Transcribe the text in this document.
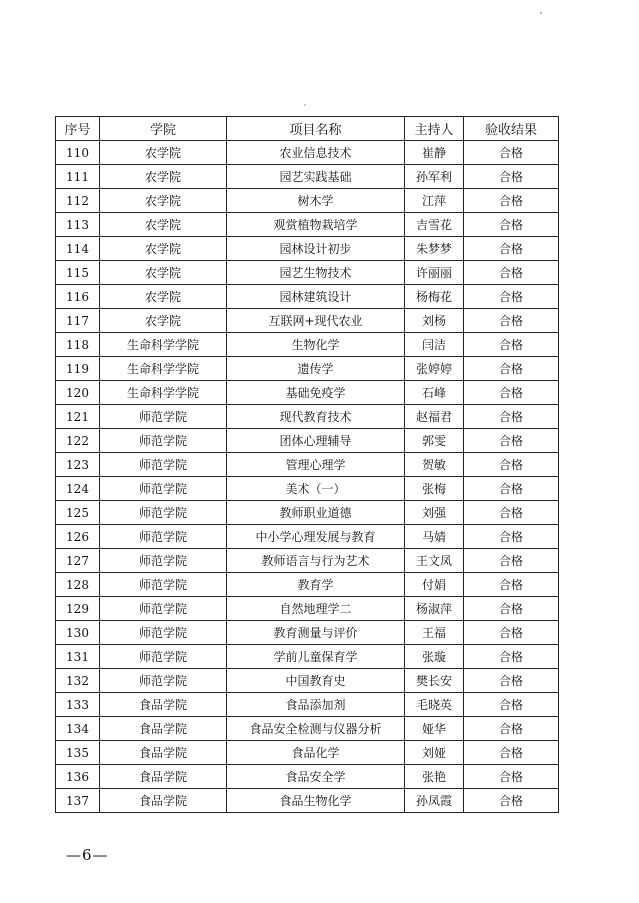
序号	学院	项目名称	主持人	验收结果
110	农学院	农业信息技术	崔静	合格
111	农学院	园艺实践基础	孙军利	合格
112	农学院	树木学	江萍	合格
113	农学院	观赏植物栽培学	吉雪花	合格
114	农学院	园林设计初步	朱梦梦	合格
115	农学院	园艺生物技术	许丽丽	合格
116	农学院	园林建筑设计	杨梅花	合格
117	农学院	互联网+现代农业	刘杨	合格
118	生命科学学院	生物化学	闫洁	合格
119	生命科学学院	遗传学	张婷婷	合格
120	生命科学学院	基础免疫学	石峰	合格
121	师范学院	现代教育技术	赵福君	合格
122	师范学院	团体心理辅导	郭雯	合格
123	师范学院	管理心理学	贺敏	合格
124	师范学院	美术（一）	张梅	合格
125	师范学院	教师职业道德	刘强	合格
126	师范学院	中小学心理发展与教育	马婧	合格
127	师范学院	教师语言与行为艺术	王文凤	合格
128	师范学院	教育学	付娟	合格
129	师范学院	自然地理学二	杨淑萍	合格
130	师范学院	教育测量与评价	王福	合格
131	师范学院	学前儿童保育学	张璇	合格
132	师范学院	中国教育史	樊长安	合格
133	食品学院	食品添加剂	毛晓英	合格
134	食品学院	食品安全检测与仪器分析	娅华	合格
135	食品学院	食品化学	刘娅	合格
136	食品学院	食品安全学	张艳	合格
137	食品学院	食品生物化学	孙凤霞	合格
—6—
